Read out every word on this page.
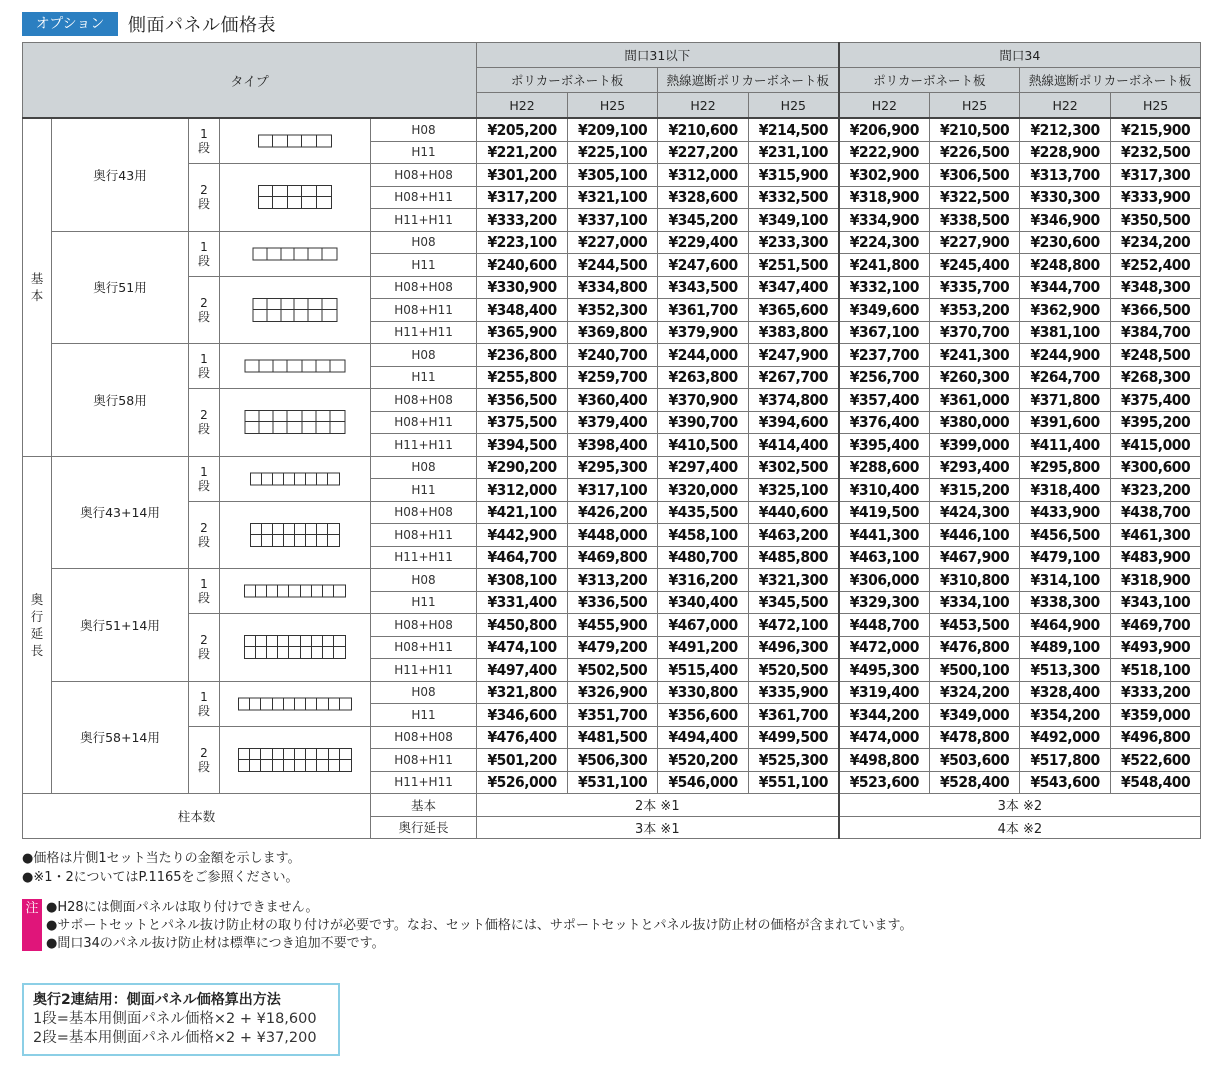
オプション	側面パネル価格表
タイプ					間口31以下				間口34			
					ポリカーボネート板		熱線遮断ポリカーボネート板		ポリカーボネート板		熱線遮断ポリカーボネート板	
					H22	H25	H22	H25	H22	H25	H22	H25
基本	奥行43用	1段		H08	¥205,200	¥209,100	¥210,600	¥214,500	¥206,900	¥210,500	¥212,300	¥215,900
				H11	¥221,200	¥225,100	¥227,200	¥231,100	¥222,900	¥226,500	¥228,900	¥232,500
		2段		H08+H08	¥301,200	¥305,100	¥312,000	¥315,900	¥302,900	¥306,500	¥313,700	¥317,300
				H08+H11	¥317,200	¥321,100	¥328,600	¥332,500	¥318,900	¥322,500	¥330,300	¥333,900
				H11+H11	¥333,200	¥337,100	¥345,200	¥349,100	¥334,900	¥338,500	¥346,900	¥350,500
	奥行51用	1段		H08	¥223,100	¥227,000	¥229,400	¥233,300	¥224,300	¥227,900	¥230,600	¥234,200
				H11	¥240,600	¥244,500	¥247,600	¥251,500	¥241,800	¥245,400	¥248,800	¥252,400
		2段		H08+H08	¥330,900	¥334,800	¥343,500	¥347,400	¥332,100	¥335,700	¥344,700	¥348,300
				H08+H11	¥348,400	¥352,300	¥361,700	¥365,600	¥349,600	¥353,200	¥362,900	¥366,500
				H11+H11	¥365,900	¥369,800	¥379,900	¥383,800	¥367,100	¥370,700	¥381,100	¥384,700
	奥行58用	1段		H08	¥236,800	¥240,700	¥244,000	¥247,900	¥237,700	¥241,300	¥244,900	¥248,500
				H11	¥255,800	¥259,700	¥263,800	¥267,700	¥256,700	¥260,300	¥264,700	¥268,300
		2段		H08+H08	¥356,500	¥360,400	¥370,900	¥374,800	¥357,400	¥361,000	¥371,800	¥375,400
				H08+H11	¥375,500	¥379,400	¥390,700	¥394,600	¥376,400	¥380,000	¥391,600	¥395,200
				H11+H11	¥394,500	¥398,400	¥410,500	¥414,400	¥395,400	¥399,000	¥411,400	¥415,000
奥行延長	奥行43+14用	1段		H08	¥290,200	¥295,300	¥297,400	¥302,500	¥288,600	¥293,400	¥295,800	¥300,600
				H11	¥312,000	¥317,100	¥320,000	¥325,100	¥310,400	¥315,200	¥318,400	¥323,200
		2段		H08+H08	¥421,100	¥426,200	¥435,500	¥440,600	¥419,500	¥424,300	¥433,900	¥438,700
				H08+H11	¥442,900	¥448,000	¥458,100	¥463,200	¥441,300	¥446,100	¥456,500	¥461,300
				H11+H11	¥464,700	¥469,800	¥480,700	¥485,800	¥463,100	¥467,900	¥479,100	¥483,900
	奥行51+14用	1段		H08	¥308,100	¥313,200	¥316,200	¥321,300	¥306,000	¥310,800	¥314,100	¥318,900
				H11	¥331,400	¥336,500	¥340,400	¥345,500	¥329,300	¥334,100	¥338,300	¥343,100
		2段		H08+H08	¥450,800	¥455,900	¥467,000	¥472,100	¥448,700	¥453,500	¥464,900	¥469,700
				H08+H11	¥474,100	¥479,200	¥491,200	¥496,300	¥472,000	¥476,800	¥489,100	¥493,900
				H11+H11	¥497,400	¥502,500	¥515,400	¥520,500	¥495,300	¥500,100	¥513,300	¥518,100
	奥行58+14用	1段		H08	¥321,800	¥326,900	¥330,800	¥335,900	¥319,400	¥324,200	¥328,400	¥333,200
				H11	¥346,600	¥351,700	¥356,600	¥361,700	¥344,200	¥349,000	¥354,200	¥359,000
		2段		H08+H08	¥476,400	¥481,500	¥494,400	¥499,500	¥474,000	¥478,800	¥492,000	¥496,800
				H08+H11	¥501,200	¥506,300	¥520,200	¥525,300	¥498,800	¥503,600	¥517,800	¥522,600
				H11+H11	¥526,000	¥531,100	¥546,000	¥551,100	¥523,600	¥528,400	¥543,600	¥548,400
柱本数				基本	2本 ※1				3本 ※2			
				奥行延長	3本 ※1				4本 ※2			
●価格は片側1セット当たりの金額を示します。
●※1・2についてはP.1165をご参照ください。
注 ●H28には側面パネルは取り付けできません。
●サポートセットとパネル抜け防止材の取り付けが必要です。なお、セット価格には、サポートセットとパネル抜け防止材の価格が含まれています。
●間口34のパネル抜け防止材は標準につき追加不要です。
奥行2連結用：側面パネル価格算出方法
1段=基本用側面パネル価格×2 + ¥18,600
2段=基本用側面パネル価格×2 + ¥37,200
